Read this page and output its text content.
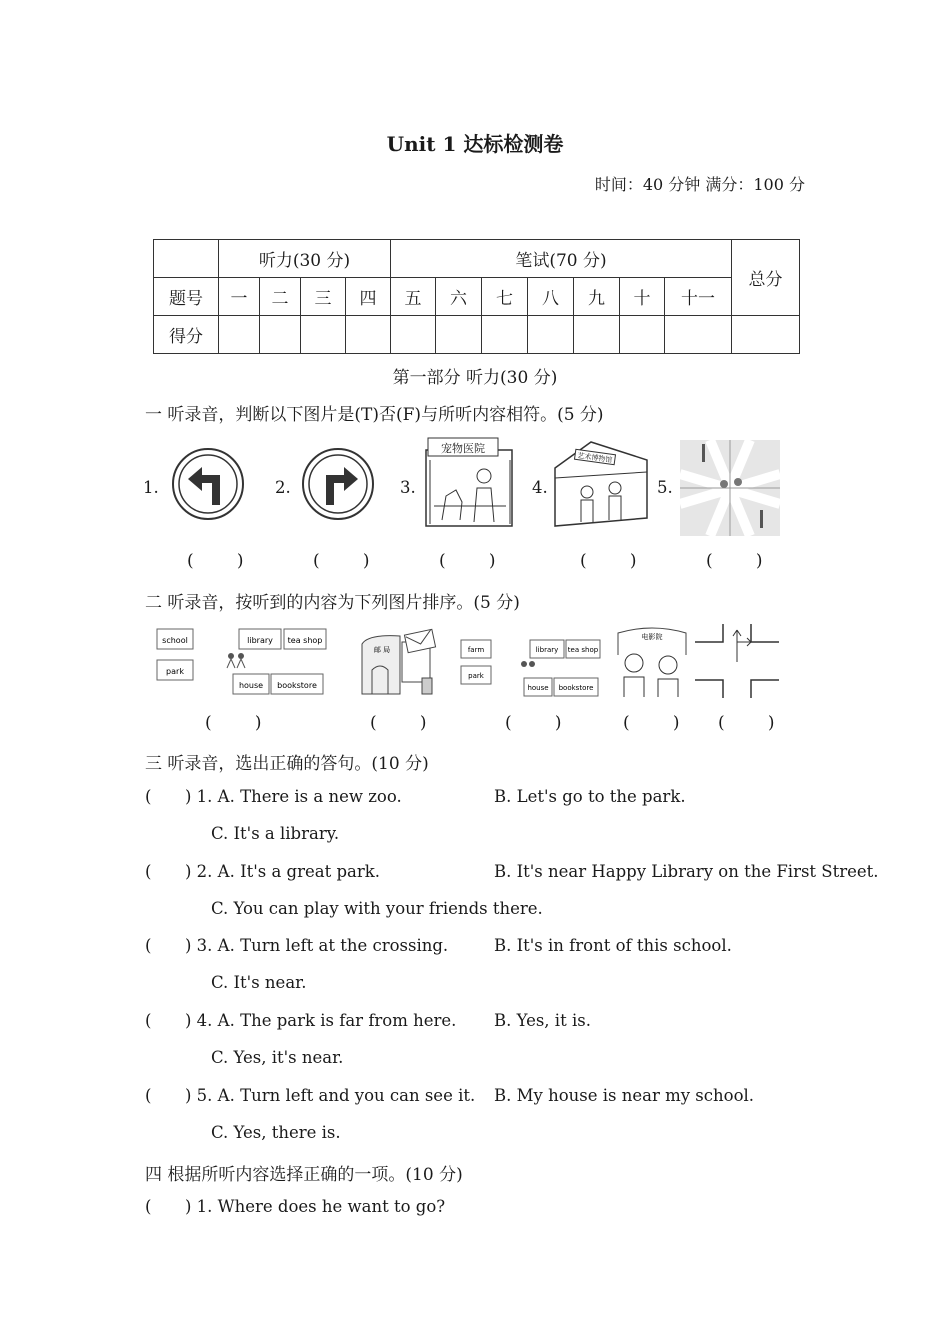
Unit 1 达标检测卷
时间：40 分钟 满分：100 分
	听力(30 分)				笔试(70 分)							总分
题号	一	二	三	四	五	六	七	八	九	十	十一	
得分												
第一部分 听力(30 分)
一 听录音，判断以下图片是(T)否(F)与所听内容相符。(5 分)
1.	2.	3.
宠物医院
4.
艺术博物馆
5.
(        )	(        )	(        )	(        )	(        )
二 听录音，按听到的内容为下列图片排序。(5 分)
school
park
library tea shop
house bookstore
邮 局	farm
park
library tea shop
house bookstore
电影院
(        )	(        )	(        )	(        ) (        )
三 听录音，选出正确的答句。(10 分)
( ) 1. A. There is a new zoo.	B. Let's go to the park.
C. It's a library.
( ) 2. A. It's a great park.	B. It's near Happy Library on the First Street.
C. You can play with your friends there.
( ) 3. A. Turn left at the crossing.	B. It's in front of this school.
C. It's near.
( ) 4. A. The park is far from here. B. Yes, it is.
C. Yes, it's near.
( ) 5. A. Turn left and you can see it. B. My house is near my school.
C. Yes, there is.
四 根据所听内容选择正确的一项。(10 分)
( ) 1. Where does he want to go?
